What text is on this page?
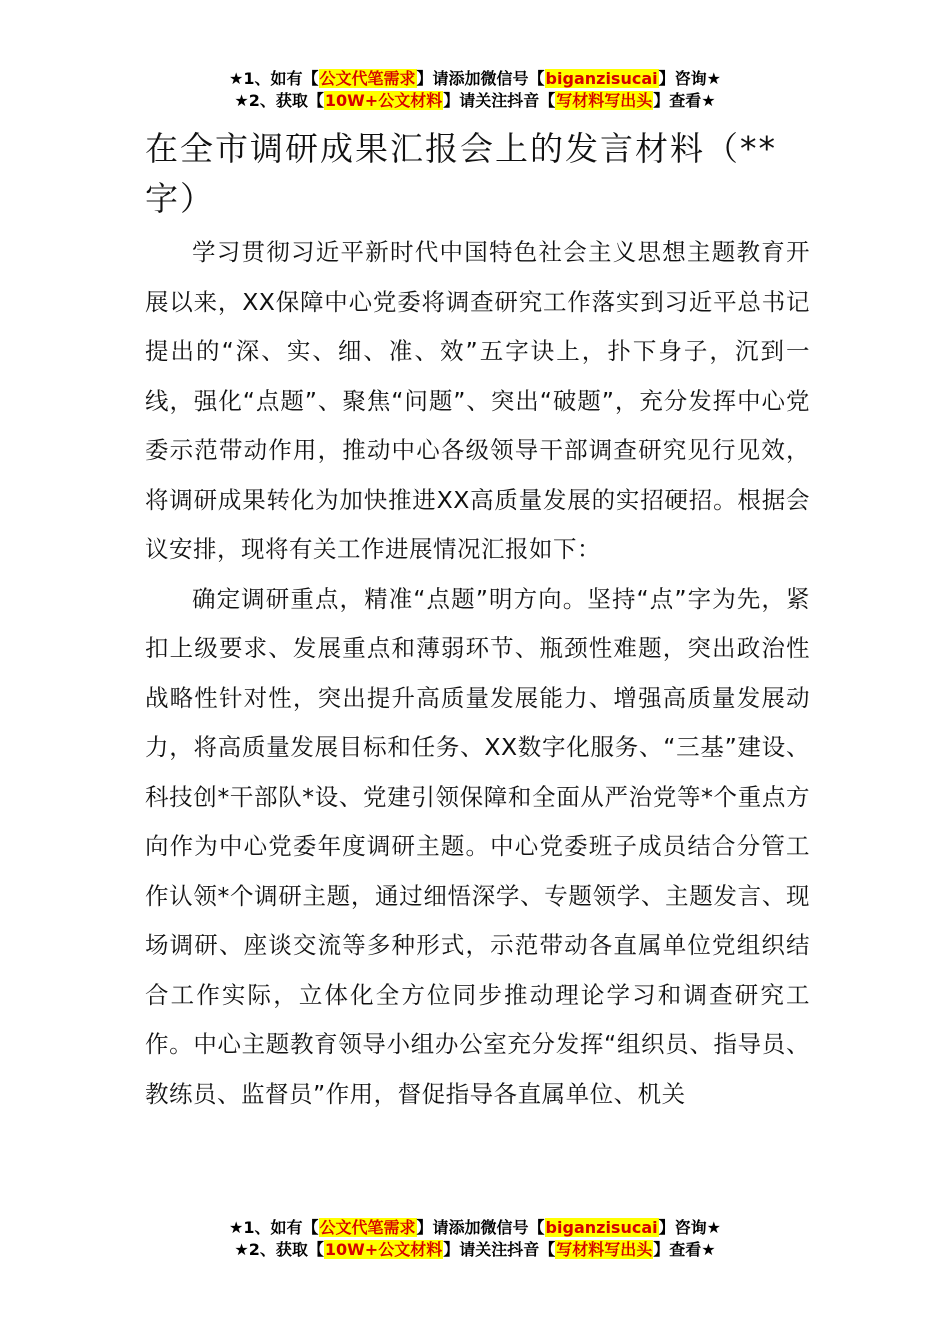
★1、如有【公文代笔需求】请添加微信号【biganzisucai】咨询★
★2、获取【10W+公文材料】请关注抖音【写材料写出头】查看★
在全市调研成果汇报会上的发言材料（**字）

学习贯彻习近平新时代中国特色社会主义思想主题教育开展以来，XX保障中心党委将调查研究工作落实到习近平总书记提出的“深、实、细、准、效”五字诀上，扑下身子，沉到一线，强化“点题”、聚焦“问题”、突出“破题”，充分发挥中心党委示范带动作用，推动中心各级领导干部调查研究见行见效，将调研成果转化为加快推进XX高质量发展的实招硬招。根据会议安排，现将有关工作进展情况汇报如下：

确定调研重点，精准“点题”明方向。坚持“点”字为先，紧扣上级要求、发展重点和薄弱环节、瓶颈性难题，突出政治性战略性针对性，突出提升高质量发展能力、增强高质量发展动力，将高质量发展目标和任务、XX数字化服务、“三基”建设、科技创*干部队*设、党建引领保障和全面从严治党等*个重点方向作为中心党委年度调研主题。中心党委班子成员结合分管工作认领*个调研主题，通过细悟深学、专题领学、主题发言、现场调研、座谈交流等多种形式，示范带动各直属单位党组织结合工作实际，立体化全方位同步推动理论学习和调查研究工作。中心主题教育领导小组办公室充分发挥“组织员、指导员、教练员、监督员”作用，督促指导各直属单位、机关

★1、如有【公文代笔需求】请添加微信号【biganzisucai】咨询★
★2、获取【10W+公文材料】请关注抖音【写材料写出头】查看★
